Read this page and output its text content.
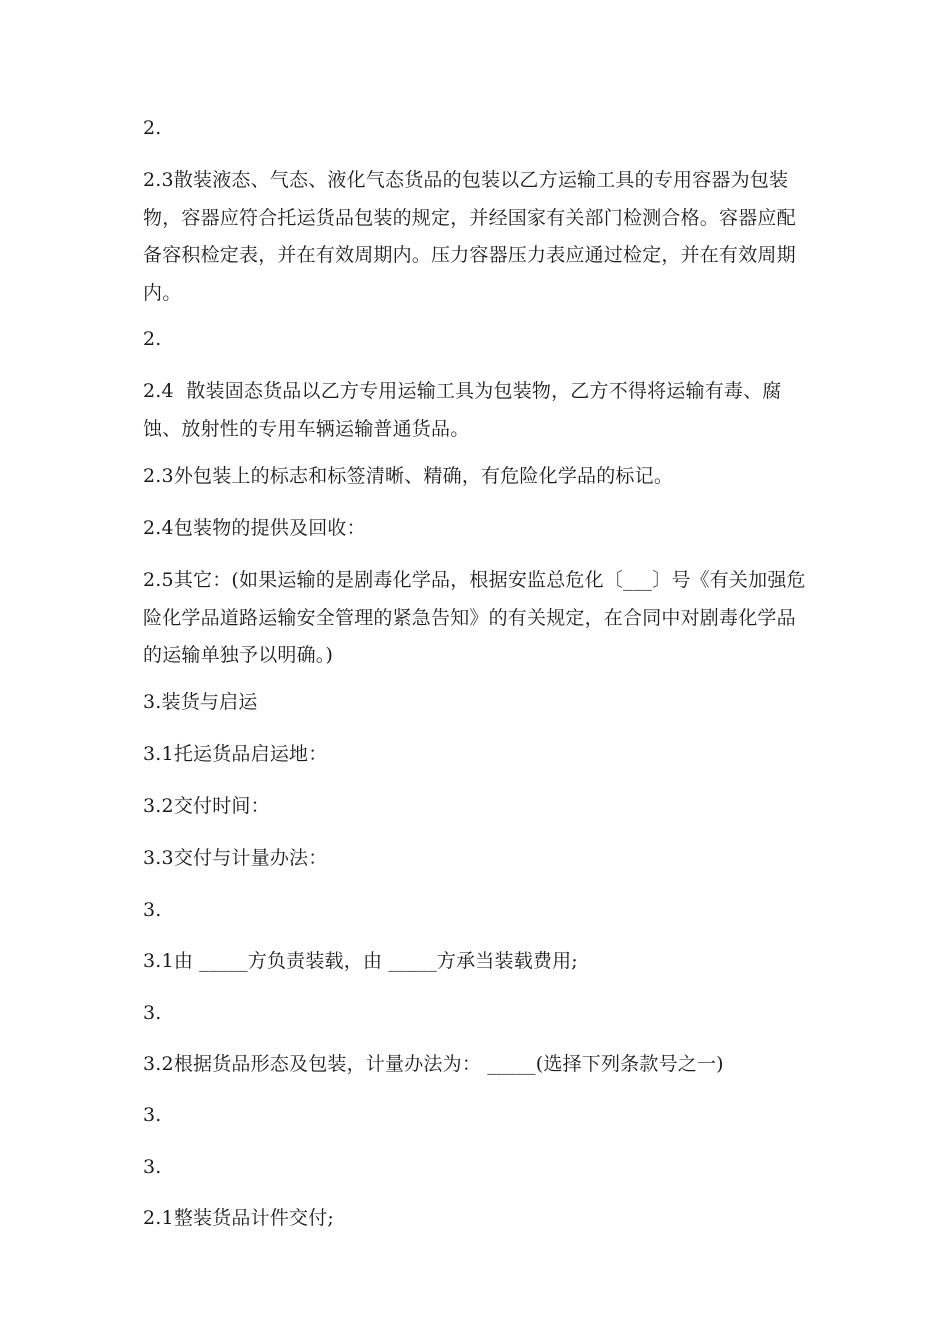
2.

2.3散装液态、气态、液化气态货品的包装以乙方运输工具的专用容器为包装物，容器应符合托运货品包装的规定，并经国家有关部门检测合格。容器应配备容积检定表，并在有效周期内。压力容器压力表应通过检定，并在有效周期内。

2.

2.4  散装固态货品以乙方专用运输工具为包装物，乙方不得将运输有毒、腐蚀、放射性的专用车辆运输普通货品。

2.3外包装上的标志和标签清晰、精确，有危险化学品的标记。

2.4包装物的提供及回收：

2.5其它：(如果运输的是剧毒化学品，根据安监总危化〔___〕号《有关加强危险化学品道路运输安全管理的紧急告知》的有关规定，在合同中对剧毒化学品的运输单独予以明确。)

3.装货与启运

3.1托运货品启运地：

3.2交付时间：

3.3交付与计量办法：

3.

3.1由 _____方负责装载，由 _____方承当装载费用;

3.

3.2根据货品形态及包装，计量办法为： _____(选择下列条款号之一)

3.

3.

2.1整装货品计件交付;
